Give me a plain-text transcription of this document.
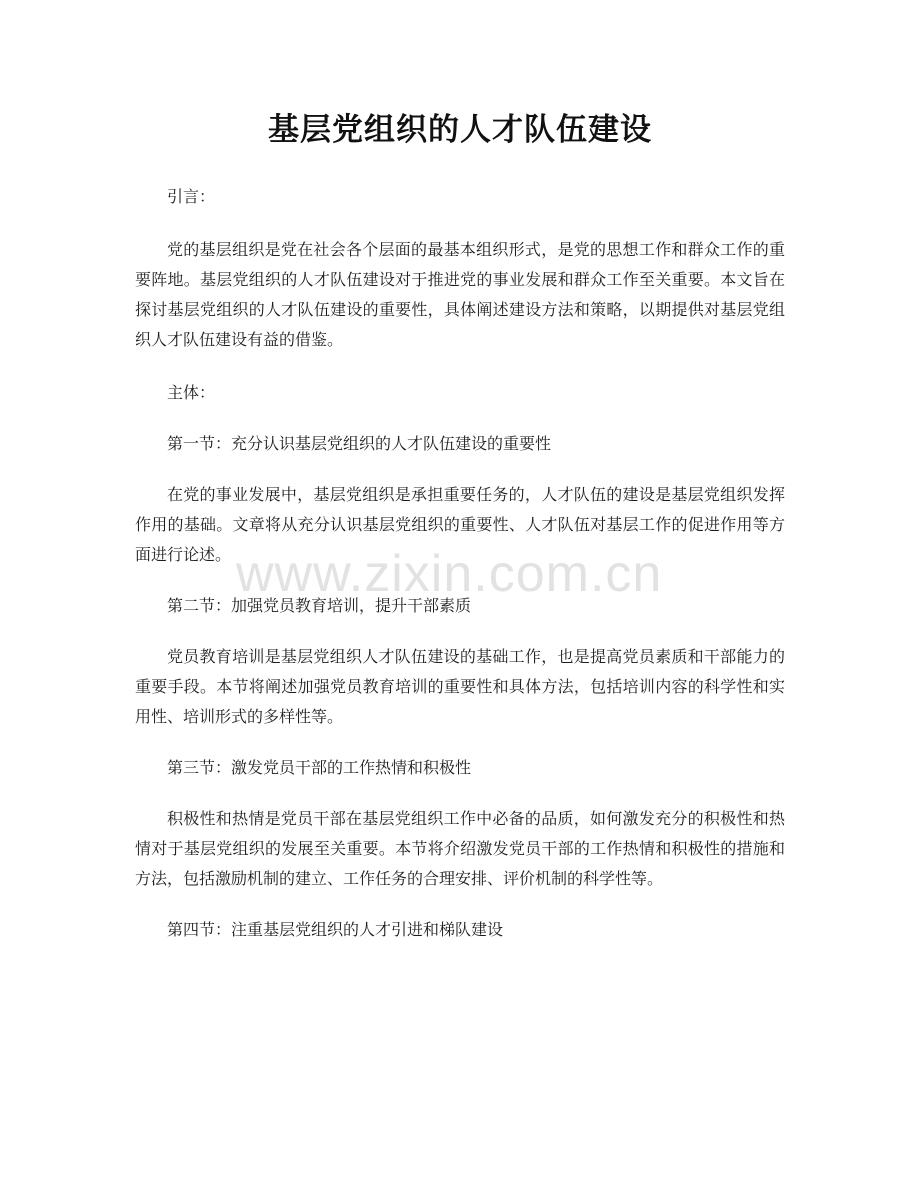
基层党组织的人才队伍建设

引言：

党的基层组织是党在社会各个层面的最基本组织形式，是党的思想工作和群众工作的重要阵地。基层党组织的人才队伍建设对于推进党的事业发展和群众工作至关重要。本文旨在探讨基层党组织的人才队伍建设的重要性，具体阐述建设方法和策略，以期提供对基层党组织人才队伍建设有益的借鉴。

主体：

第一节：充分认识基层党组织的人才队伍建设的重要性

在党的事业发展中，基层党组织是承担重要任务的，人才队伍的建设是基层党组织发挥作用的基础。文章将从充分认识基层党组织的重要性、人才队伍对基层工作的促进作用等方面进行论述。

第二节：加强党员教育培训，提升干部素质

党员教育培训是基层党组织人才队伍建设的基础工作，也是提高党员素质和干部能力的重要手段。本节将阐述加强党员教育培训的重要性和具体方法，包括培训内容的科学性和实用性、培训形式的多样性等。

第三节：激发党员干部的工作热情和积极性

积极性和热情是党员干部在基层党组织工作中必备的品质，如何激发充分的积极性和热情对于基层党组织的发展至关重要。本节将介绍激发党员干部的工作热情和积极性的措施和方法，包括激励机制的建立、工作任务的合理安排、评价机制的科学性等。

第四节：注重基层党组织的人才引进和梯队建设

www.zixin.com.cn
